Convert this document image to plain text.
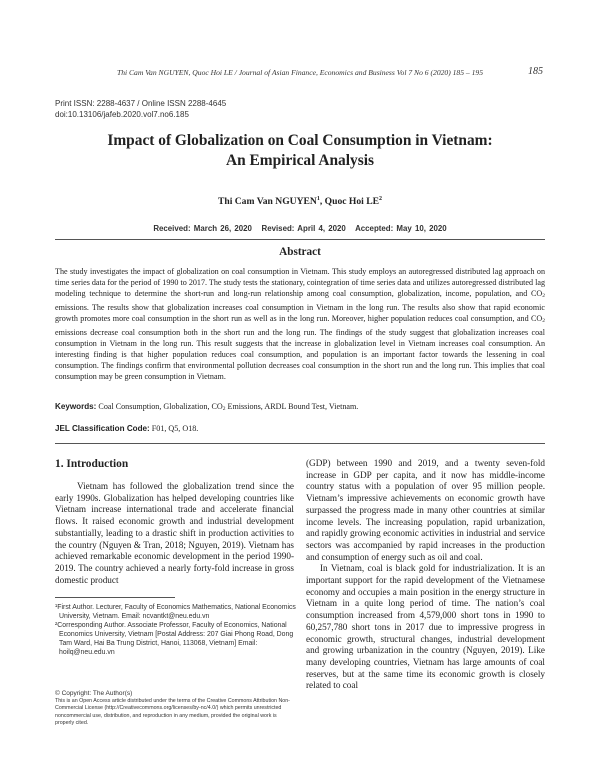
Thi Cam Van NGUYEN, Quoc Hoi LE / Journal of Asian Finance, Economics and Business Vol 7 No 6 (2020) 185 – 195	185
Print ISSN: 2288-4637 / Online ISSN 2288-4645
doi:10.13106/jafeb.2020.vol7.no6.185
Impact of Globalization on Coal Consumption in Vietnam:
An Empirical Analysis
Thi Cam Van NGUYEN$^1$, Quoc Hoi $LE^2$
Received: March 26, 2020   Revised: April 4, 2020   Accepted: May 10, 2020
Abstract
The study investigates the impact of globalization on coal consumption in Vietnam. This study employs an autoregressed distributed lag approach on time series data for the period of 1990 to 2017. The study tests the stationary, cointegration of time series data and utilizes autoregressed distributed lag modeling technique to determine the short-run and long-run relationship among coal consumption, globalization, income, population, and $CO_2$ emissions. The results show that globalization increases coal consumption in Vietnam in the long run. The results also show that rapid economic growth promotes more coal consumption in the short run as well as in the long run. Moreover, higher population reduces coal consumption, and $CO_2$ emissions decrease coal consumption both in the short run and the long run. The findings of the study suggest that globalization increases coal consumption in Vietnam in the long run. This result suggests that the increase in globalization level in Vietnam increases coal consumption. An interesting finding is that higher population reduces coal consumption, and population is an important factor towards the lessening in coal consumption. The findings confirm that environmental pollution decreases coal consumption in the short run and the long run. This implies that coal consumption may be green consumption in Vietnam.
Keywords: Coal Consumption, Globalization, $CO_2$ Emissions, ARDL Bound Test, Vietnam.
JEL Classification Code: F01, Q5, O18.
1. Introduction

Vietnam has followed the globalization trend since the early 1990s. Globalization has helped developing countries like Vietnam increase international trade and accelerate financial flows. It raised economic growth and industrial development substantially, leading to a drastic shift in production activities to the country (Nguyen & Tran, 2018; Nguyen, 2019). Vietnam has achieved remarkable economic development in the period 1990-2019. The country achieved a nearly forty-fold increase in gross domestic product

¹First Author. Lecturer, Faculty of Economics Mathematics, National Economics University, Vietnam. Email: ncvantkt@neu.edu.vn

²Corresponding Author. Associate Professor, Faculty of Economics, National Economics University, Vietnam [Postal Address: 207 Giai Phong Road, Dong Tam Ward, Hai Ba Trung District, Hanoi, 113068, Vietnam] Email: hoilq@neu.edu.vn

© Copyright: The Author(s)
This is an Open Access article distributed under the terms of the Creative Commons Attribution Non-Commercial License (http://Creativecommons.org/licenses/by-nc/4.0/) which permits unrestricted noncommercial use, distribution, and reproduction in any medium, provided the original work is properly cited.

(GDP) between 1990 and 2019, and a twenty seven-fold increase in GDP per capita, and it now has middle-income country status with a population of over 95 million people. Vietnam’s impressive achievements on economic growth have surpassed the progress made in many other countries at similar income levels. The increasing population, rapid urbanization, and rapidly growing economic activities in industrial and service sectors was accompanied by rapid increases in the production and consumption of energy such as oil and coal.

In Vietnam, coal is black gold for industrialization. It is an important support for the rapid development of the Vietnamese economy and occupies a main position in the energy structure in Vietnam in a quite long period of time. The nation’s coal consumption increased from 4,579,000 short tons in 1990 to 60,257,780 short tons in 2017 due to impressive progress in economic growth, structural changes, industrial development and growing urbanization in the country (Nguyen, 2019). Like many developing countries, Vietnam has large amounts of coal reserves, but at the same time its economic growth is closely related to coal
